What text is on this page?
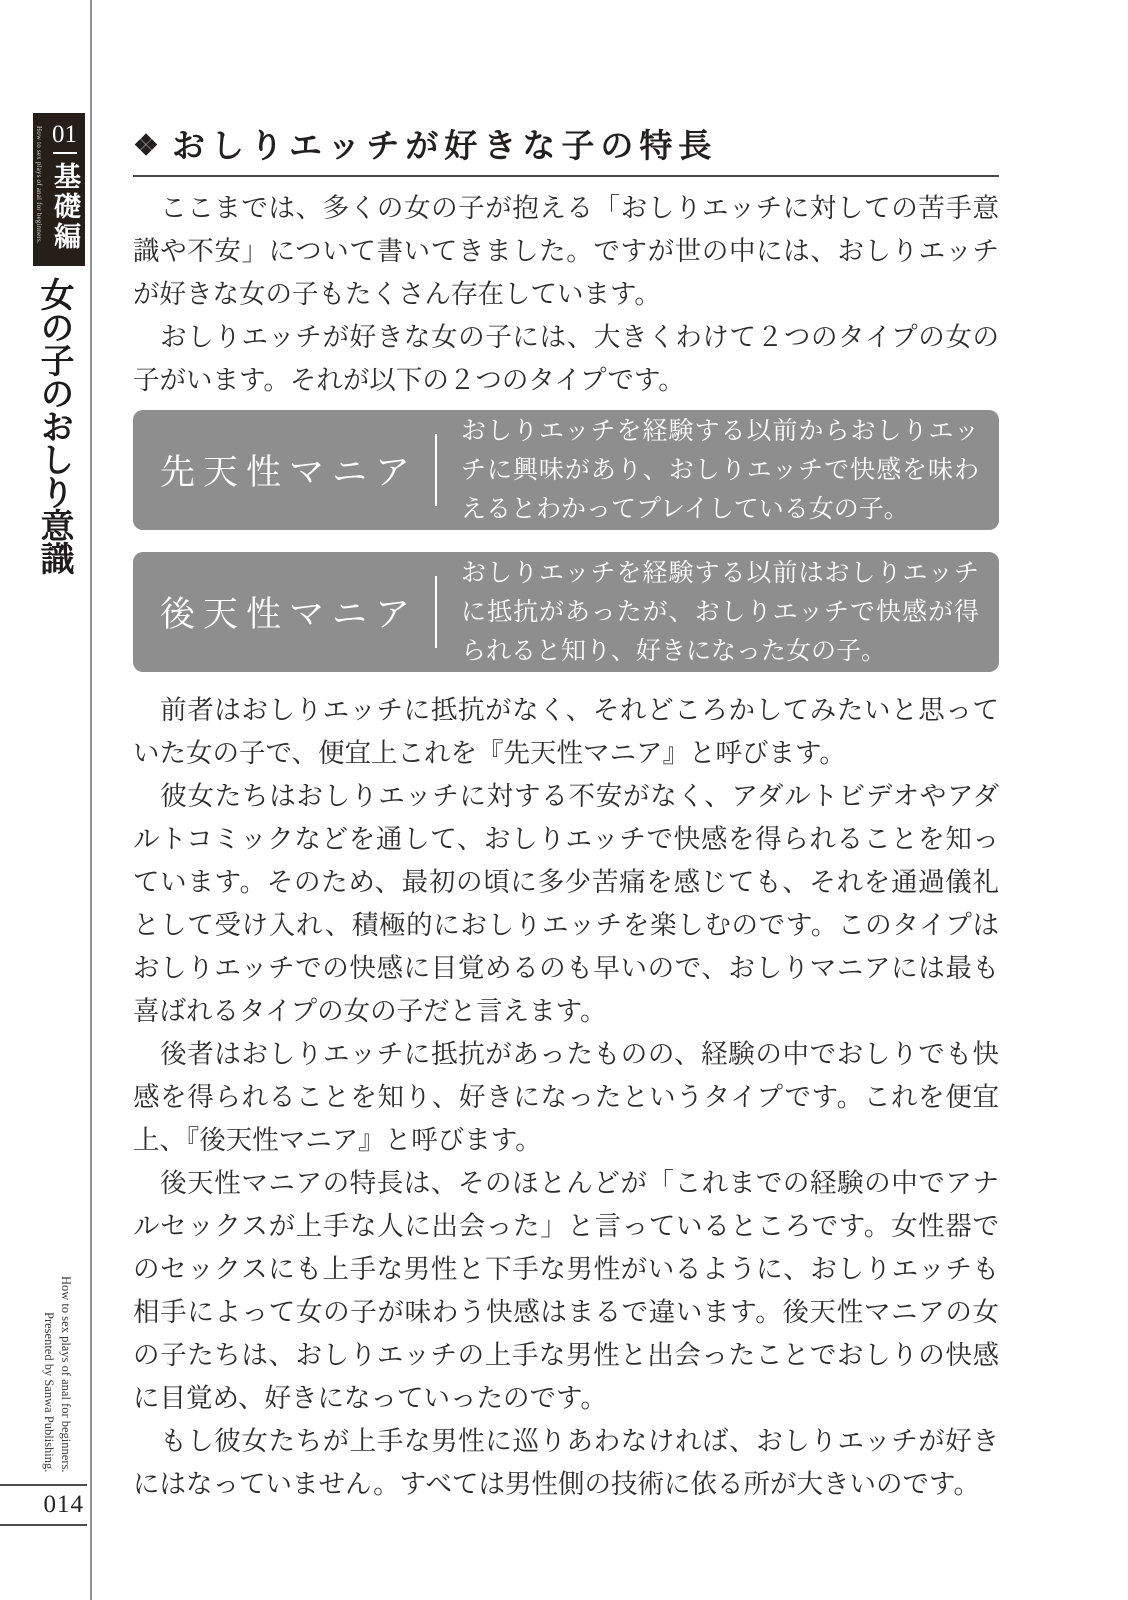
How to sex plays of anal for beginners. 01
基礎編
女の子のおしり意識
❖ おしりエッチが好きな子の特長
　ここまでは、多くの女の子が抱える「おしりエッチに対しての苦手意
識や不安」について書いてきました。ですが世の中には、おしりエッチ
が好きな女の子もたくさん存在しています。
　おしりエッチが好きな女の子には、大きくわけて２つのタイプの女の
子がいます。それが以下の２つのタイプです。
先天性マニア
おしりエッチを経験する以前からおしりエッチに興味があり、おしりエッチで快感を味わえるとわかってプレイしている女の子。
後天性マニア
おしりエッチを経験する以前はおしりエッチに抵抗があったが、おしりエッチで快感が得られると知り、好きになった女の子。
　前者はおしりエッチに抵抗がなく、それどころかしてみたいと思って
いた女の子で、便宜上これを『先天性マニア』と呼びます。
　彼女たちはおしりエッチに対する不安がなく、アダルトビデオやアダ
ルトコミックなどを通して、おしりエッチで快感を得られることを知っ
ています。そのため、最初の頃に多少苦痛を感じても、それを通過儀礼
として受け入れ、積極的におしりエッチを楽しむのです。このタイプは
おしりエッチでの快感に目覚めるのも早いので、おしりマニアには最も
喜ばれるタイプの女の子だと言えます。
　後者はおしりエッチに抵抗があったものの、経験の中でおしりでも快
感を得られることを知り、好きになったというタイプです。これを便宜
上、『後天性マニア』と呼びます。
　後天性マニアの特長は、そのほとんどが「これまでの経験の中でアナ
ルセックスが上手な人に出会った」と言っているところです。女性器で
のセックスにも上手な男性と下手な男性がいるように、おしりエッチも
相手によって女の子が味わう快感はまるで違います。後天性マニアの女
の子たちは、おしりエッチの上手な男性と出会ったことでおしりの快感
に目覚め、好きになっていったのです。
　もし彼女たちが上手な男性に巡りあわなければ、おしりエッチが好き
にはなっていません。すべては男性側の技術に依る所が大きいのです。
How to sex plays of anal for beginners.
Presented by Sanwa Publishing.
014
